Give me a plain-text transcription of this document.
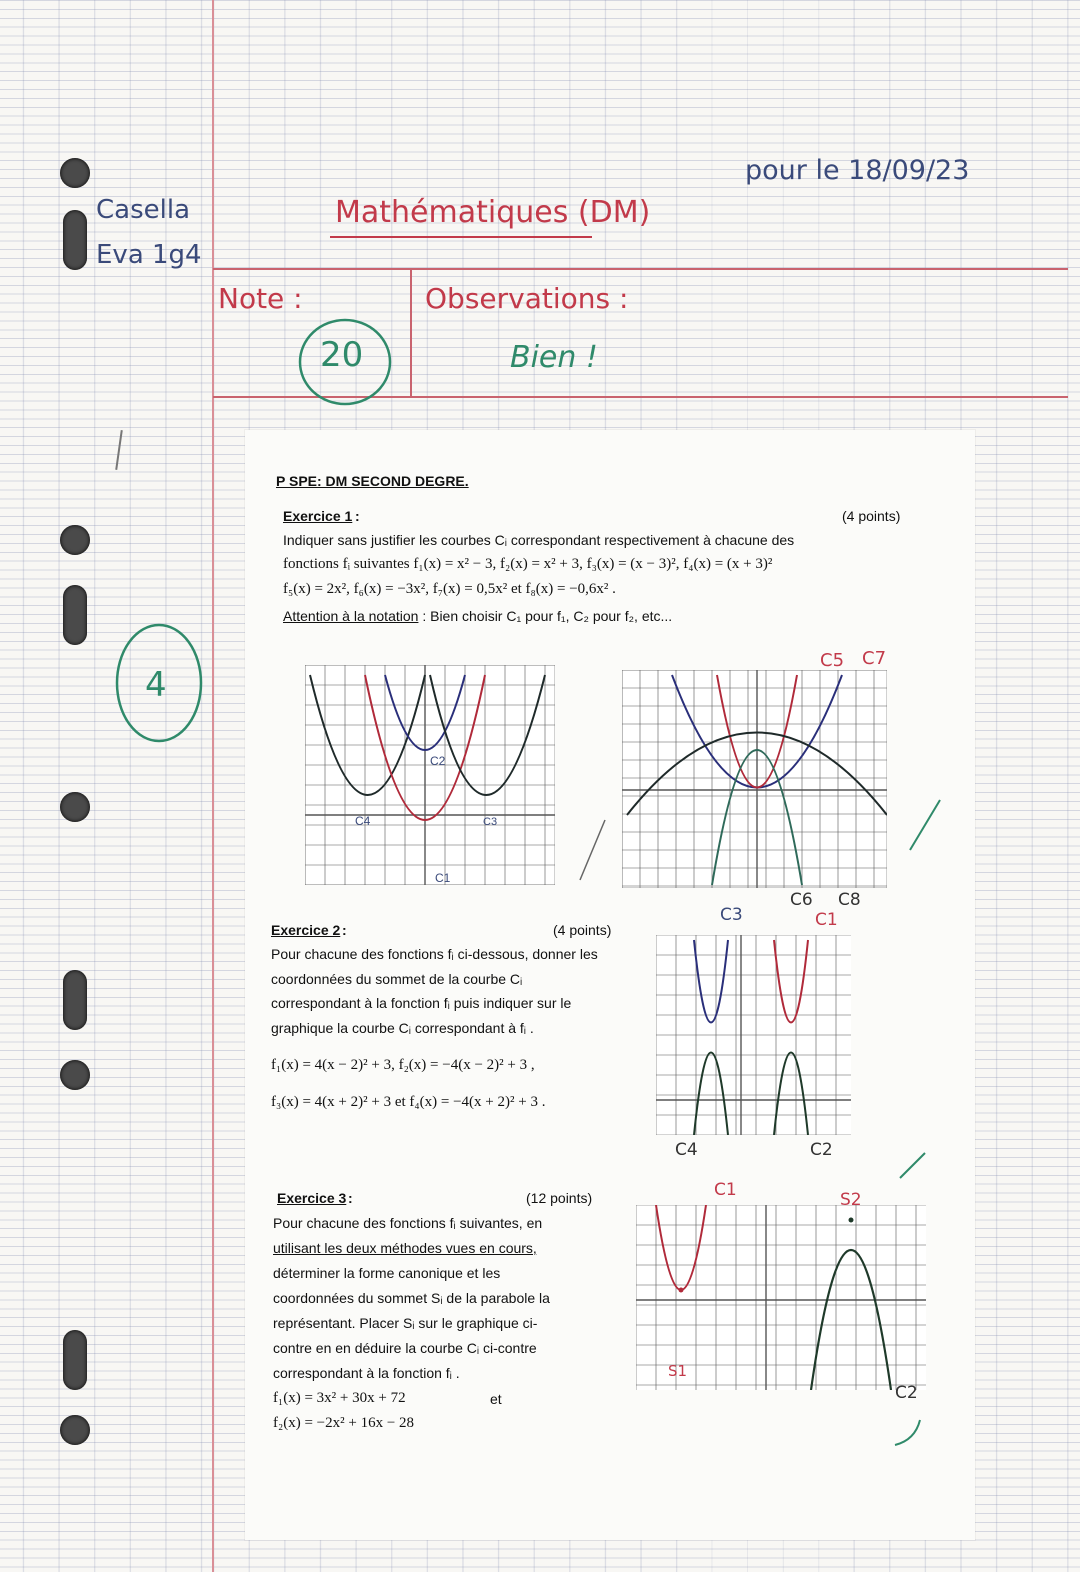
Casella
Eva 1g4
Mathématiques (DM)
pour le 18/09/23
Note :	Observations :
20	Bien !
4
P SPE: DM SECOND DEGRE.
Exercice 1 :	(4 points)
Indiquer sans justifier les courbes Cᵢ correspondant respectivement à chacune des
fonctions fᵢ suivantes f₁(x) = x² − 3, f₂(x) = x² + 3, f₃(x) = (x − 3)², f₄(x) = (x + 3)²
f₅(x) = 2x², f₆(x) = −3x², f₇(x) = 0,5x² et f₈(x) = −0,6x² .
Attention à la notation : Bien choisir C₁ pour f₁, C₂ pour f₂, etc...
C4
C2
C3
C1
C5 C7
C6 C8
Exercice 2 :	(4 points)
Pour chacune des fonctions fᵢ ci-dessous, donner les
coordonnées du sommet de la courbe Cᵢ
correspondant à la fonction fᵢ puis indiquer sur le
graphique la courbe Cᵢ correspondant à fᵢ .
f₁(x) = 4(x − 2)² + 3, f₂(x) = −4(x − 2)² + 3 ,
f₃(x) = 4(x + 2)² + 3 et f₄(x) = −4(x + 2)² + 3 .
C3	C1
C4	C2
Exercice 3 :	(12 points)
Pour chacune des fonctions fᵢ suivantes, en
utilisant les deux méthodes vues en cours,
déterminer la forme canonique et les
coordonnées du sommet Sᵢ de la parabole la
représentant. Placer Sᵢ sur le graphique ci-
contre en en déduire la courbe Cᵢ ci-contre
correspondant à la fonction fᵢ .
f₁(x) = 3x² + 30x + 72	et
f₂(x) = −2x² + 16x − 28
C1
S1
S2
C2
